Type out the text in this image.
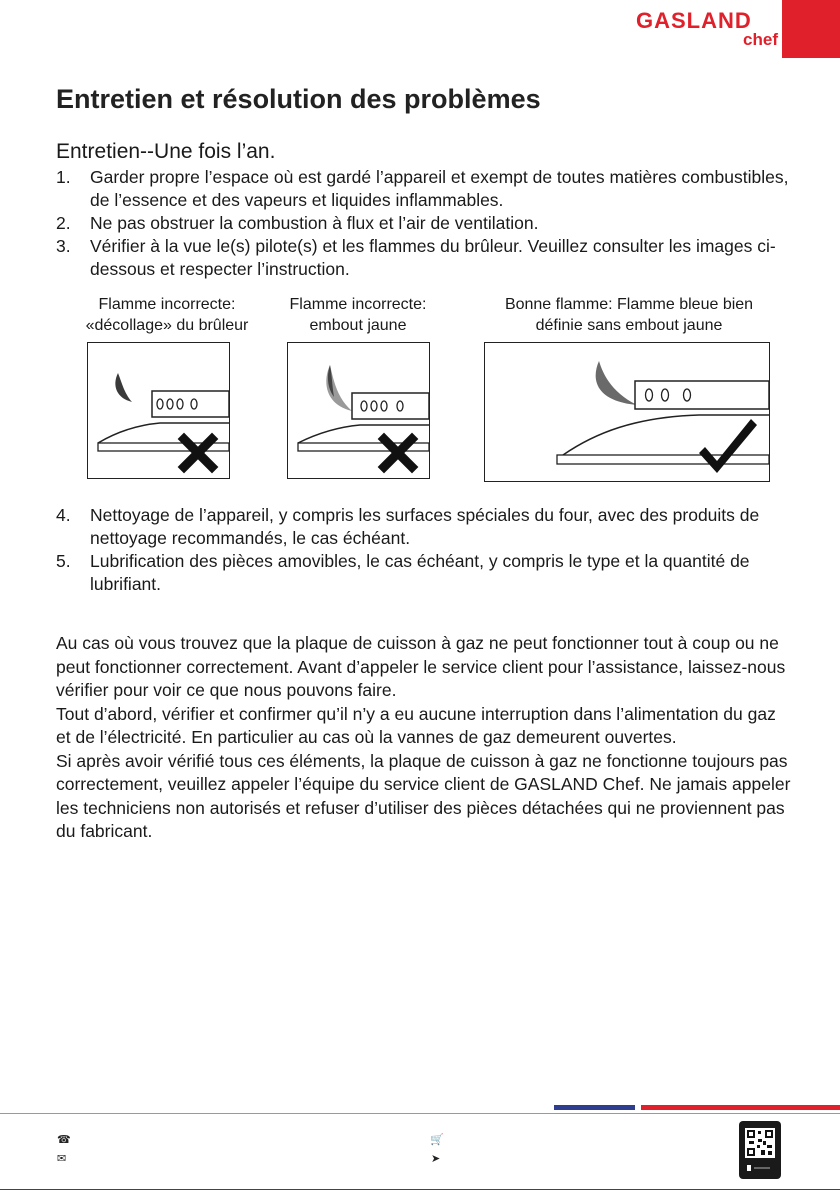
GASLAND
chef
Entretien et résolution des problèmes
Entretien--Une fois l’an.
1. Garder propre l’espace où est gardé l’appareil et exempt de toutes matières combustibles, de l’essence et des vapeurs et liquides inflammables.
2. Ne pas obstruer la combustion à flux et l’air de ventilation.
3. Vérifier à la vue le(s) pilote(s) et les flammes du brûleur. Veuillez consulter les images ci-dessous et respecter l’instruction.
Flamme incorrecte:
«décollage» du brûleur
Flamme incorrecte:
embout jaune
Bonne flamme: Flamme bleue bien
définie sans embout jaune
4. Nettoyage de l’appareil, y compris les surfaces spéciales du four, avec des produits de nettoyage recommandés, le cas échéant.
5. Lubrification des pièces amovibles, le cas échéant, y compris le type et la quantité de lubrifiant.

Au cas où vous trouvez que la plaque de cuisson à gaz ne peut fonctionner tout à coup ou ne peut fonctionner correctement. Avant d’appeler le service client pour l’assistance, laissez-nous vérifier pour voir ce que nous pouvons faire.

Tout d’abord, vérifier et confirmer qu’il n’y a eu aucune interruption dans l’alimentation du gaz et de l’électricité. En particulier au cas où la vannes de gaz demeurent ouvertes.

Si après avoir vérifié tous ces éléments, la plaque de cuisson à gaz ne fonctionne toujours pas correctement, veuillez appeler l’équipe du service client de GASLAND Chef. Ne jamais appeler les techniciens non autorisés et refuser d’utiliser des pièces détachées qui ne proviennent pas du fabricant.

☎
✉
🛒
➤
